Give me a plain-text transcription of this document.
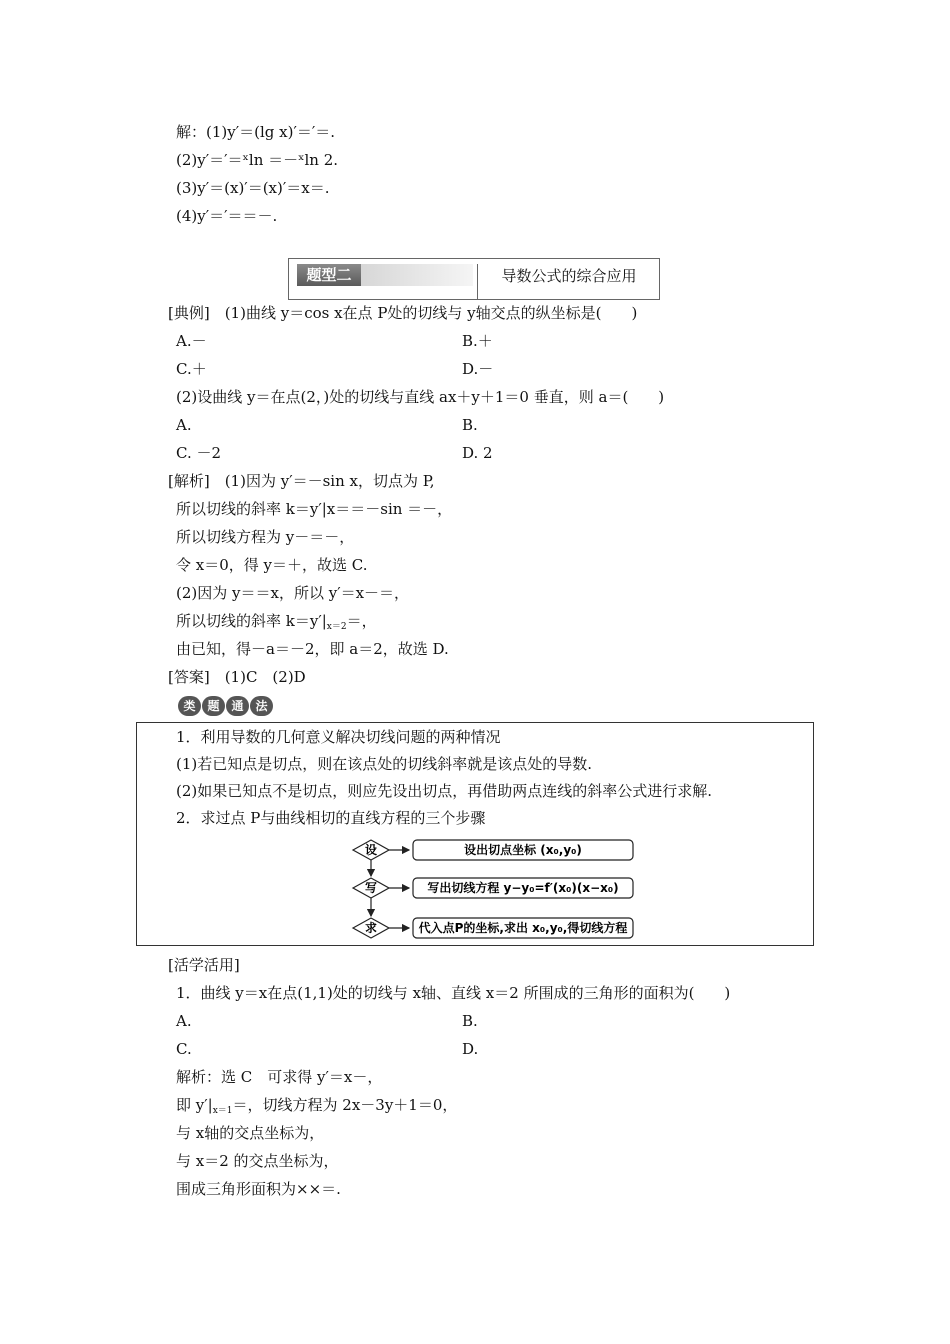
解：(1)y′＝(lg x)′＝′＝.
(2)y′＝′＝ˣln ＝－ˣln 2.
(3)y′＝(x)′＝(x)′＝x＝.
(4)y′＝′＝＝－.
题型二	导数公式的综合应用
[典例]　(1)曲线 y＝cos x在点 P处的切线与 y轴交点的纵坐标是(　　)
A.－	B.＋
C.＋	D.－
(2)设曲线 y＝在点(2，)处的切线与直线 ax＋y＋1＝0 垂直，则 a＝(　　)
A.	B.
C. －2	D. 2
[解析]　(1)因为 y′＝－sin x，切点为 P,
所以切线的斜率 k＝y′|x＝＝－sin ＝－，
所以切线方程为 y－＝－，
令 x＝0，得 y＝＋，故选 C.
(2)因为 y＝＝x，所以 y′＝x－＝，
所以切线的斜率 $k=y'|_{x=2}=$，
由已知，得－a＝－2，即 a＝2，故选 D.
[答案]　(1)C　(2)D
类 题 通 法
1．利用导数的几何意义解决切线问题的两种情况
(1)若已知点是切点，则在该点处的切线斜率就是该点处的导数.
(2)如果已知点不是切点，则应先设出切点，再借助两点连线的斜率公式进行求解.
2．求过点 P与曲线相切的直线方程的三个步骤
设	设出切点坐标 (x₀,y₀)
写	写出切线方程 y−y₀=f′(x₀)(x−x₀)
求	代入点P的坐标,求出 x₀,y₀,得切线方程
[活学活用]
1．曲线 y＝x在点(1,1)处的切线与 x轴、直线 x＝2 所围成的三角形的面积为(　　)
A.	B.
C.	D.
解析：选 C　可求得 y′＝x－，
即 $y'|_{x=1}=$，切线方程为 2x－3y＋1＝0，
与 x轴的交点坐标为，
与 x＝2 的交点坐标为，
围成三角形面积为××＝.
